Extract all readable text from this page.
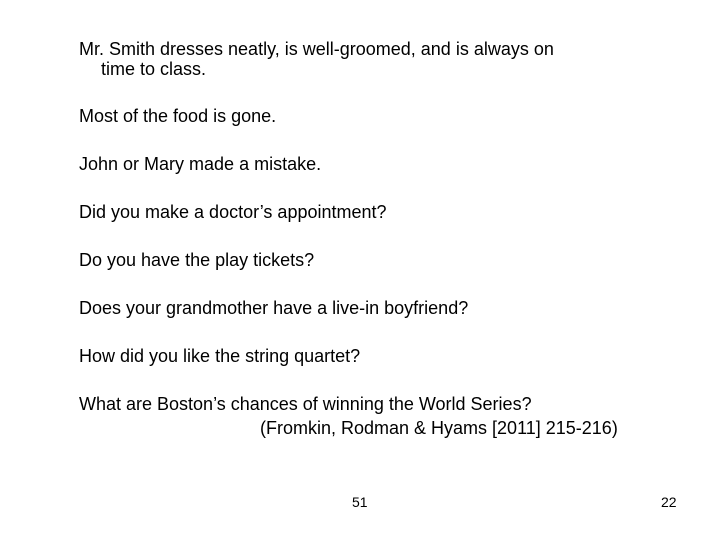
Mr. Smith dresses neatly, is well-groomed, and is always on
time to class.
Most of the food is gone.
John or Mary made a mistake.
Did you make a doctor’s appointment?
Do you have the play tickets?
Does your grandmother have a live-in boyfriend?
How did you like the string quartet?
What are Boston’s chances of winning the World Series?
(Fromkin, Rodman & Hyams [2011] 215-216)
51	22
